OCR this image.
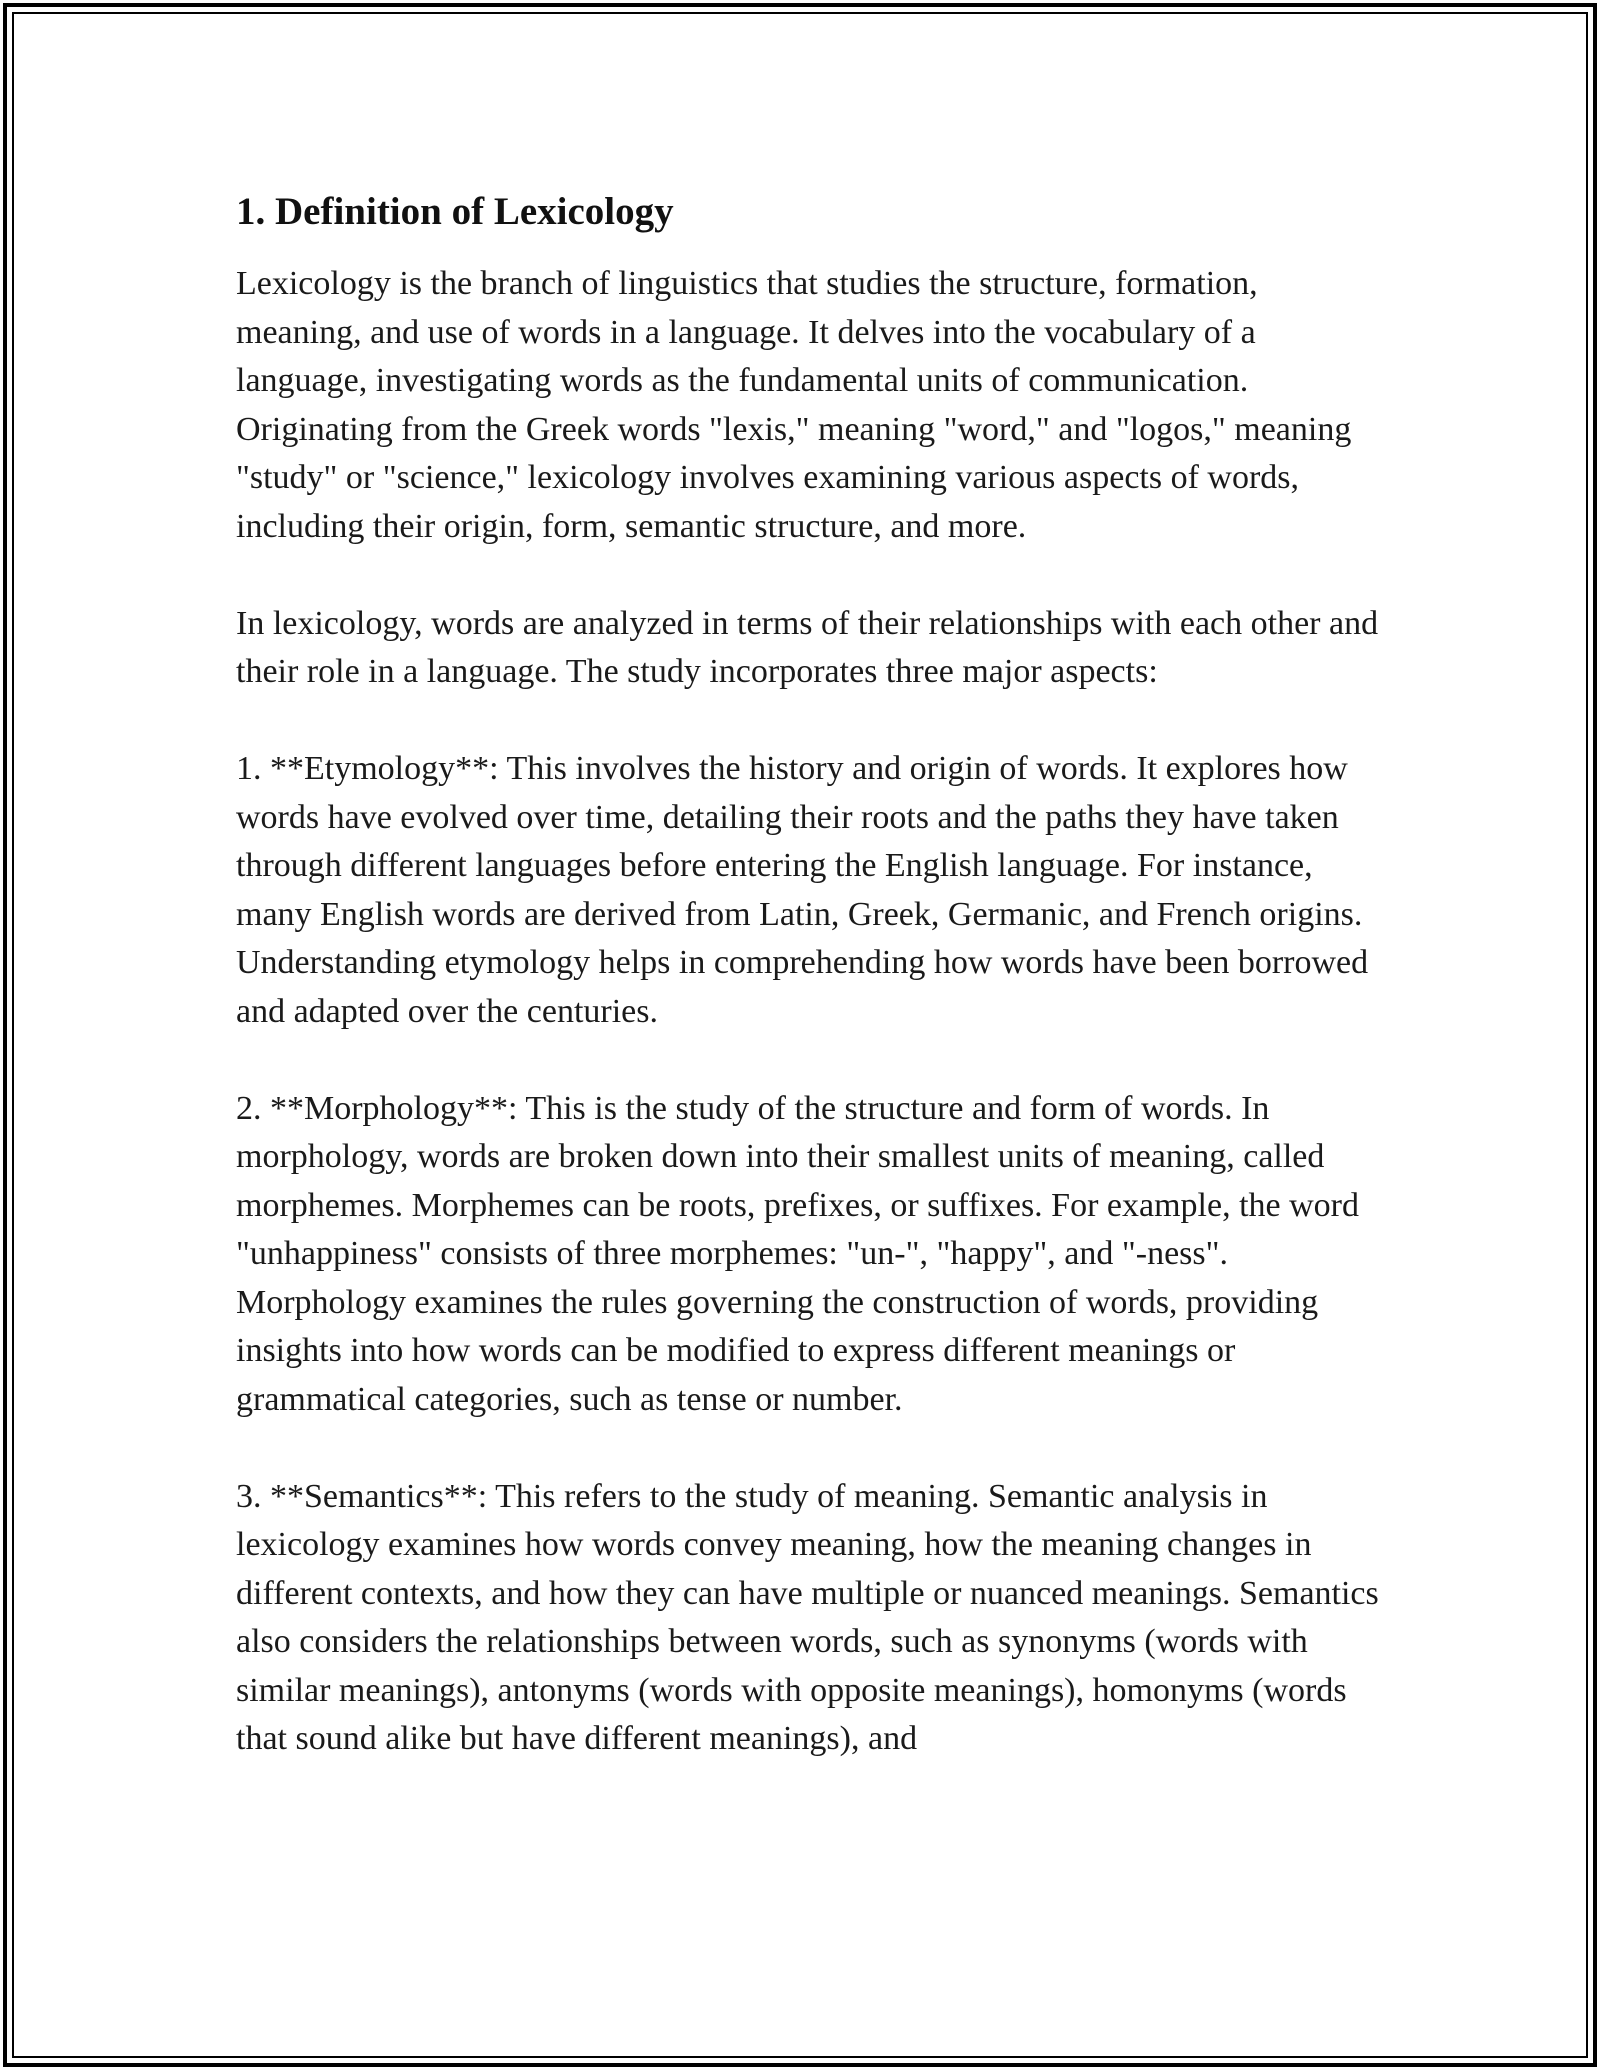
1. Definition of Lexicology

Lexicology is the branch of linguistics that studies the structure, formation, meaning, and use of words in a language. It delves into the vocabulary of a language, investigating words as the fundamental units of communication. Originating from the Greek words "lexis," meaning "word," and "logos," meaning "study" or "science," lexicology involves examining various aspects of words, including their origin, form, semantic structure, and more.

In lexicology, words are analyzed in terms of their relationships with each other and their role in a language. The study incorporates three major aspects:

1. **Etymology**: This involves the history and origin of words. It explores how words have evolved over time, detailing their roots and the paths they have taken through different languages before entering the English language. For instance, many English words are derived from Latin, Greek, Germanic, and French origins. Understanding etymology helps in comprehending how words have been borrowed and adapted over the centuries.

2. **Morphology**: This is the study of the structure and form of words. In morphology, words are broken down into their smallest units of meaning, called morphemes. Morphemes can be roots, prefixes, or suffixes. For example, the word "unhappiness" consists of three morphemes: "un-", "happy", and "-ness". Morphology examines the rules governing the construction of words, providing insights into how words can be modified to express different meanings or grammatical categories, such as tense or number.

3. **Semantics**: This refers to the study of meaning. Semantic analysis in lexicology examines how words convey meaning, how the meaning changes in different contexts, and how they can have multiple or nuanced meanings. Semantics also considers the relationships between words, such as synonyms (words with similar meanings), antonyms (words with opposite meanings), homonyms (words that sound alike but have different meanings), and
